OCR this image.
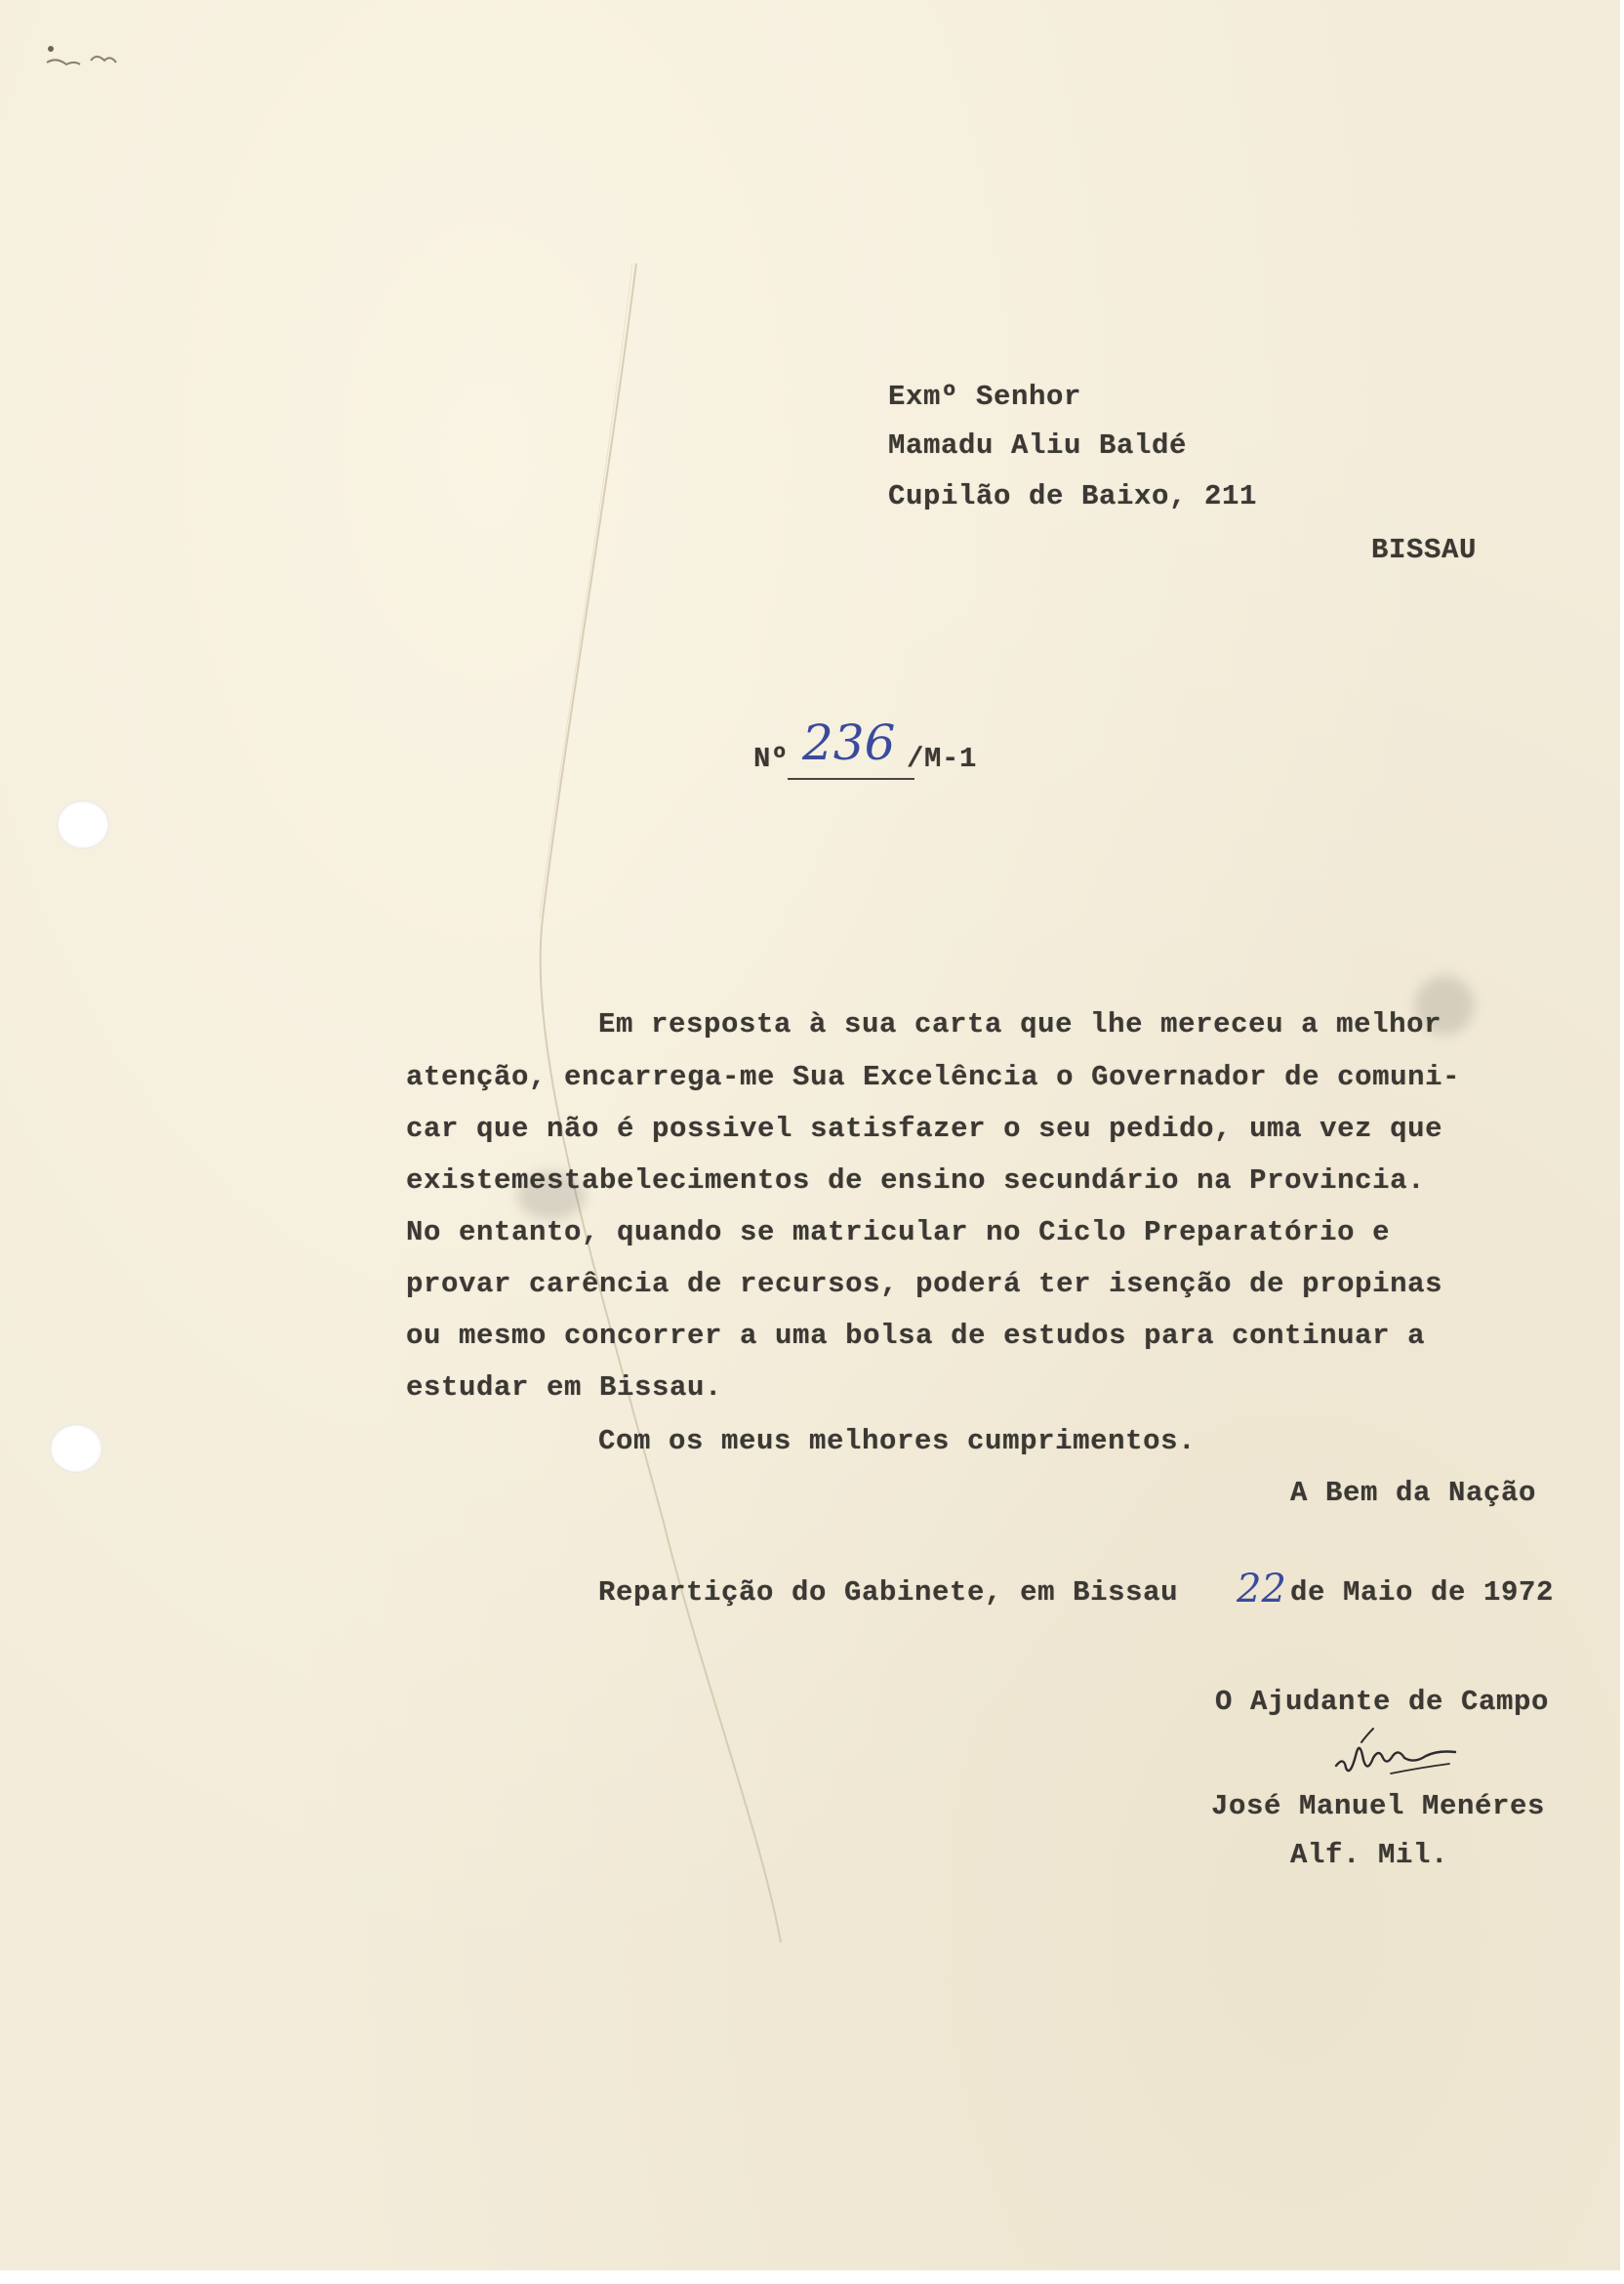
Exmº Senhor
Mamadu Aliu Baldé
Cupilão de Baixo, 211
BISSAU
Nº 236 /M-1
Em resposta à sua carta que lhe mereceu a melhor
atenção, encarrega-me Sua Excelência o Governador de comuni-
car que não é possivel satisfazer o seu pedido, uma vez que
existemestabelecimentos de ensino secundário na Provincia.
No entanto, quando se matricular no Ciclo Preparatório e
provar carência de recursos, poderá ter isenção de propinas
ou mesmo concorrer a uma bolsa de estudos para continuar a
estudar em Bissau.
Com os meus melhores cumprimentos.
A Bem da Nação
Repartição do Gabinete, em Bissau 22 de Maio de 1972
O Ajudante de Campo
José Manuel Menéres
Alf. Mil.
